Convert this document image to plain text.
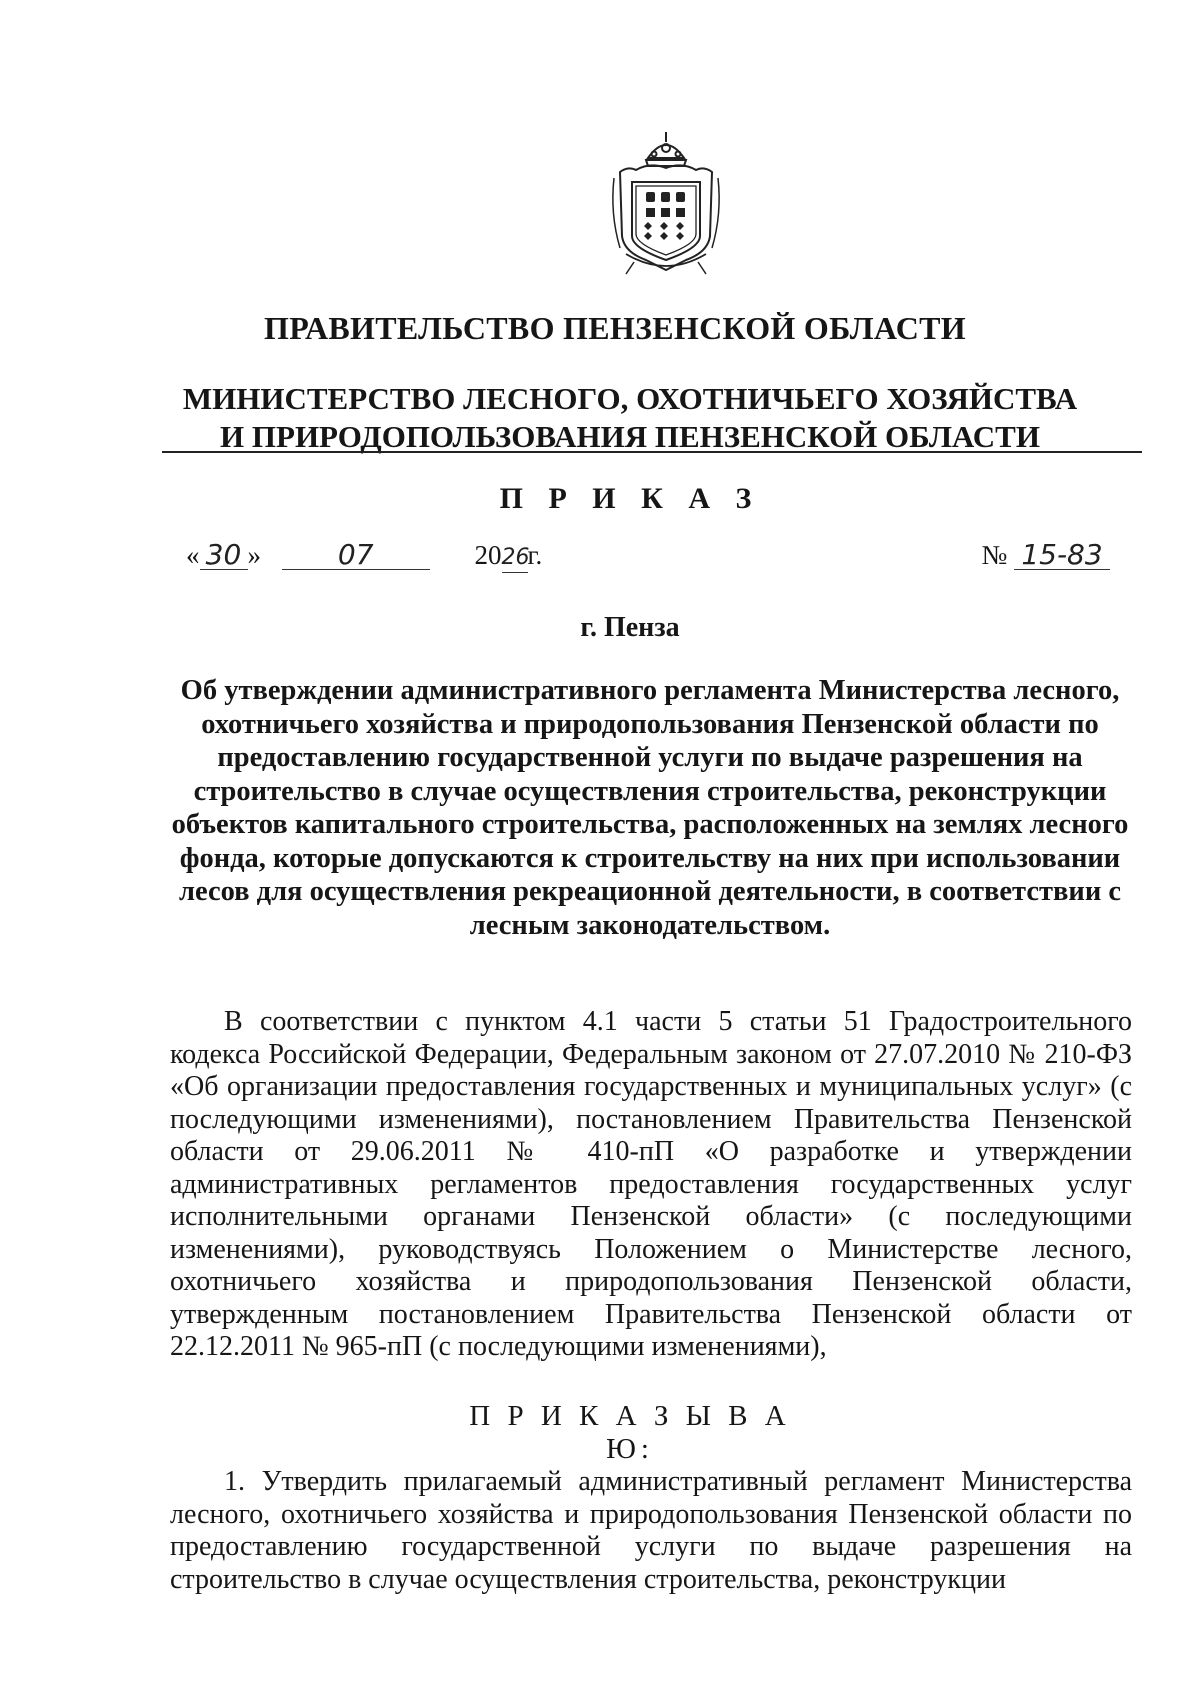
ПРАВИТЕЛЬСТВО ПЕНЗЕНСКОЙ ОБЛАСТИ
МИНИСТЕРСТВО ЛЕСНОГО, ОХОТНИЧЬЕГО ХОЗЯЙСТВА
И ПРИРОДОПОЛЬЗОВАНИЯ ПЕНЗЕНСКОЙ ОБЛАСТИ
П Р И К А З
« 30 »	07	2026г.	№ 15-83
г. Пенза
Об утверждении административного регламента Министерства лесного, охотничьего хозяйства и природопользования Пензенской области по предоставлению государственной услуги по выдаче разрешения на строительство в случае осуществления строительства, реконструкции объектов капитального строительства, расположенных на землях лесного фонда, которые допускаются к строительству на них при использовании лесов для осуществления рекреационной деятельности, в соответствии с лесным законодательством.
В соответствии с пунктом 4.1 части 5 статьи 51 Градостроительного кодекса Российской Федерации, Федеральным законом от 27.07.2010 № 210-ФЗ «Об организации предоставления государственных и муниципальных услуг» (с последующими изменениями), постановлением Правительства Пензенской области от 29.06.2011 № 410-пП «О разработке и утверждении административных регламентов предоставления государственных услуг исполнительными органами Пензенской области» (с последующими изменениями), руководствуясь Положением о Министерстве лесного, охотничьего хозяйства и природопользования Пензенской области, утвержденным постановлением Правительства Пензенской области от 22.12.2011 № 965-пП (с последующими изменениями),
П Р И К А З Ы В А Ю:
1. Утвердить прилагаемый административный регламент Министерства лесного, охотничьего хозяйства и природопользования Пензенской области по предоставлению государственной услуги по выдаче разрешения на строительство в случае осуществления строительства, реконструкции
